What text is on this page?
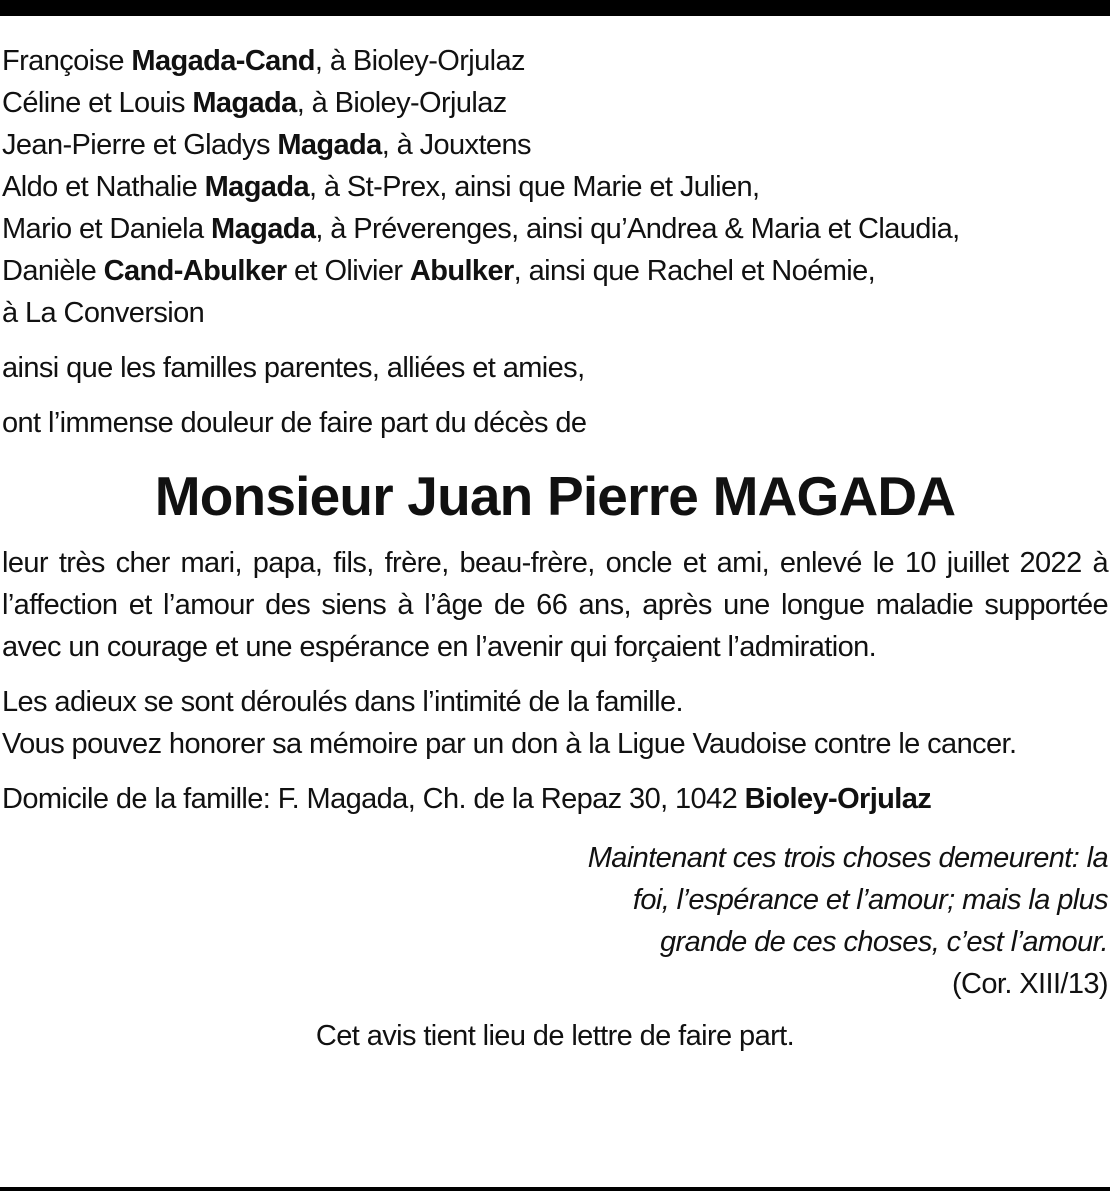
Françoise Magada-Cand, à Bioley-Orjulaz
Céline et Louis Magada, à Bioley-Orjulaz
Jean-Pierre et Gladys Magada, à Jouxtens
Aldo et Nathalie Magada, à St-Prex, ainsi que Marie et Julien,
Mario et Daniela Magada, à Préverenges, ainsi qu’Andrea & Maria et Claudia,
Danièle Cand-Abulker et Olivier Abulker, ainsi que Rachel et Noémie,
à La Conversion

ainsi que les familles parentes, alliées et amies,

ont l’immense douleur de faire part du décès de

Monsieur Juan Pierre MAGADA

leur très cher mari, papa, fils, frère, beau-frère, oncle et ami, enlevé le 10 juillet 2022 à l’affection et l’amour des siens à l’âge de 66 ans, après une longue maladie supportée avec un courage et une espérance en l’avenir qui forçaient l’admiration.

Les adieux se sont déroulés dans l’intimité de la famille.

Vous pouvez honorer sa mémoire par un don à la Ligue Vaudoise contre le cancer.

Domicile de la famille: F. Magada, Ch. de la Repaz 30, 1042 Bioley-Orjulaz

Maintenant ces trois choses demeurent: la
foi, l’espérance et l’amour; mais la plus
grande de ces choses, c’est l’amour.
(Cor. XIII/13)
Cet avis tient lieu de lettre de faire part.
